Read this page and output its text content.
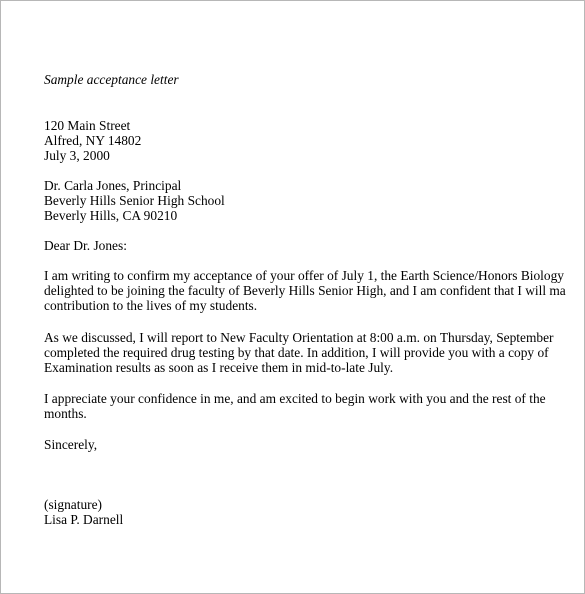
Sample acceptance letter
120 Main Street
Alfred, NY 14802
July 3, 2000
Dr. Carla Jones, Principal
Beverly Hills Senior High School
Beverly Hills, CA 90210
Dear Dr. Jones:
I am writing to confirm my acceptance of your offer of July 1, the Earth Science/Honors Biology
delighted to be joining the faculty of Beverly Hills Senior High, and I am confident that I will ma
contribution to the lives of my students.
As we discussed, I will report to New Faculty Orientation at 8:00 a.m. on Thursday, September
completed the required drug testing by that date. In addition, I will provide you with a copy of
Examination results as soon as I receive them in mid-to-late July.
I appreciate your confidence in me, and am excited to begin work with you and the rest of the
months.
Sincerely,
(signature)
Lisa P. Darnell
